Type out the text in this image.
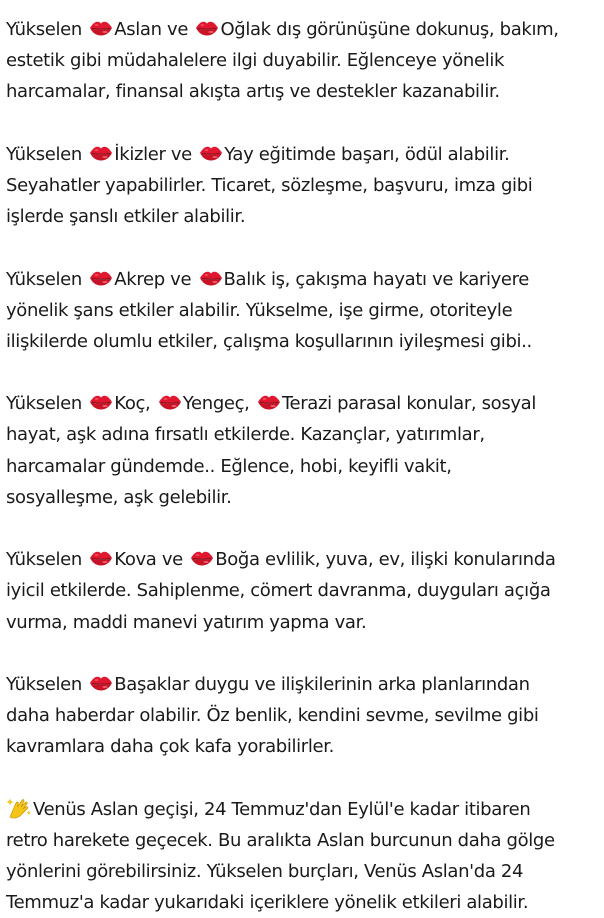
Yükselen Aslan ve Oğlak dış görünüşüne dokunuş, bakım,
estetik gibi müdahalelere ilgi duyabilir. Eğlenceye yönelik
harcamalar, finansal akışta artış ve destekler kazanabilir.
Yükselen İkizler ve Yay eğitimde başarı, ödül alabilir.
Seyahatler yapabilirler. Ticaret, sözleşme, başvuru, imza gibi
işlerde şanslı etkiler alabilir.
Yükselen Akrep ve Balık iş, çakışma hayatı ve kariyere
yönelik şans etkiler alabilir. Yükselme, işe girme, otoriteyle
ilişkilerde olumlu etkiler, çalışma koşullarının iyileşmesi gibi..
Yükselen Koç, Yengeç, Terazi parasal konular, sosyal
hayat, aşk adına fırsatlı etkilerde. Kazançlar, yatırımlar,
harcamalar gündemde.. Eğlence, hobi, keyifli vakit,
sosyalleşme, aşk gelebilir.
Yükselen Kova ve Boğa evlilik, yuva, ev, ilişki konularında
iyicil etkilerde. Sahiplenme, cömert davranma, duyguları açığa
vurma, maddi manevi yatırım yapma var.
Yükselen Başaklar duygu ve ilişkilerinin arka planlarından
daha haberdar olabilir. Öz benlik, kendini sevme, sevilme gibi
kavramlara daha çok kafa yorabilirler.
Venüs Aslan geçişi, 24 Temmuz'dan Eylül'e kadar itibaren
retro harekete geçecek. Bu aralıkta Aslan burcunun daha gölge
yönlerini görebilirsiniz. Yükselen burçları, Venüs Aslan'da 24
Temmuz'a kadar yukarıdaki içeriklere yönelik etkileri alabilir.
